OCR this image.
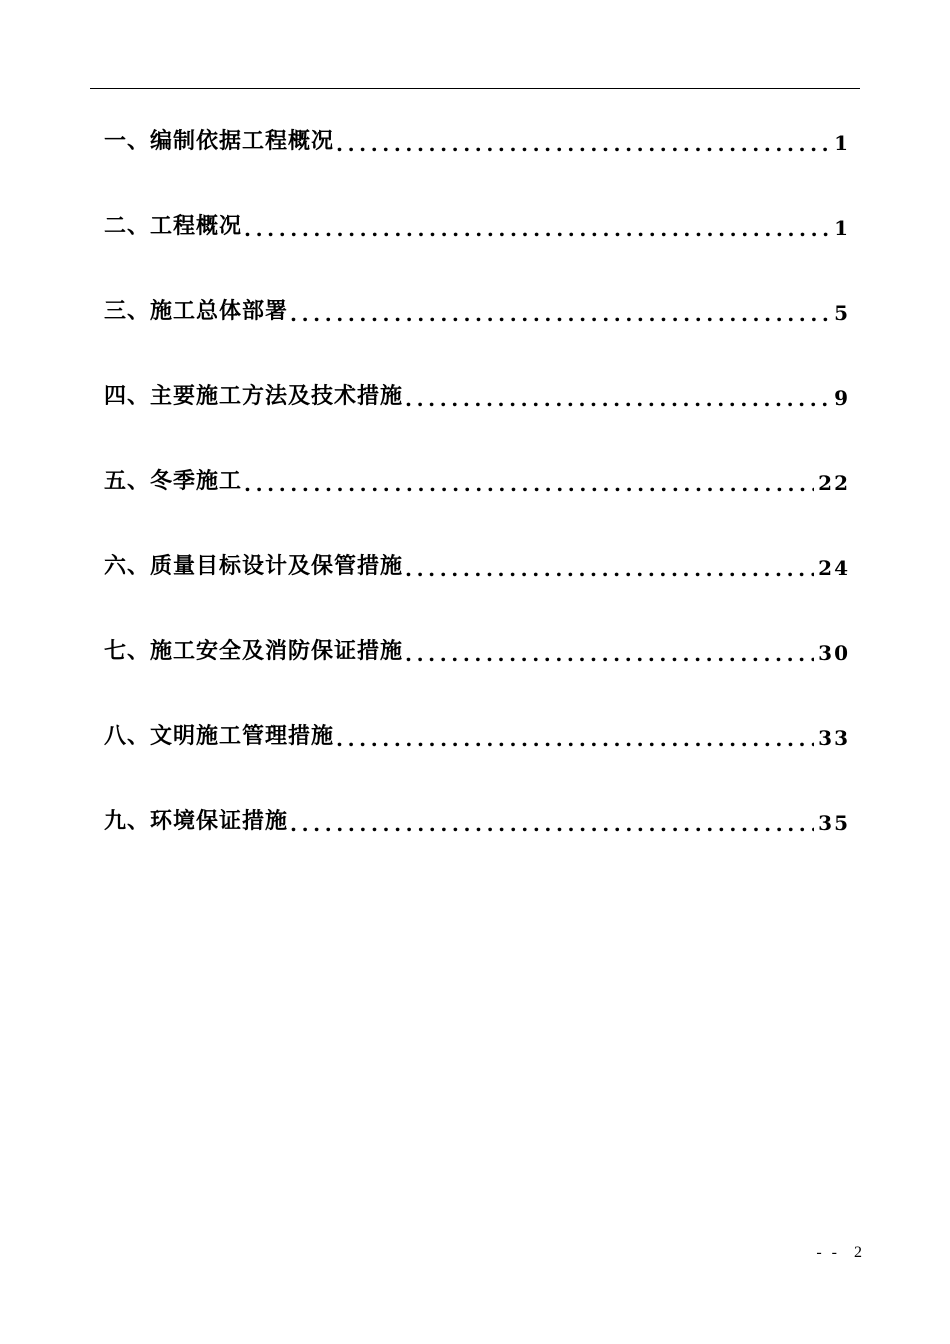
一、编制依据工程概况 .....	1
二、工程概况 .....	1
三、施工总体部署 .....	5
四、主要施工方法及技术措施 .....	9
五、冬季施工 .....	22
六、质量目标设计及保管措施 .....	24
七、施工安全及消防保证措施 .....	30
八、文明施工管理措施 .....	33
九、环境保证措施 .....	35
- - 2
